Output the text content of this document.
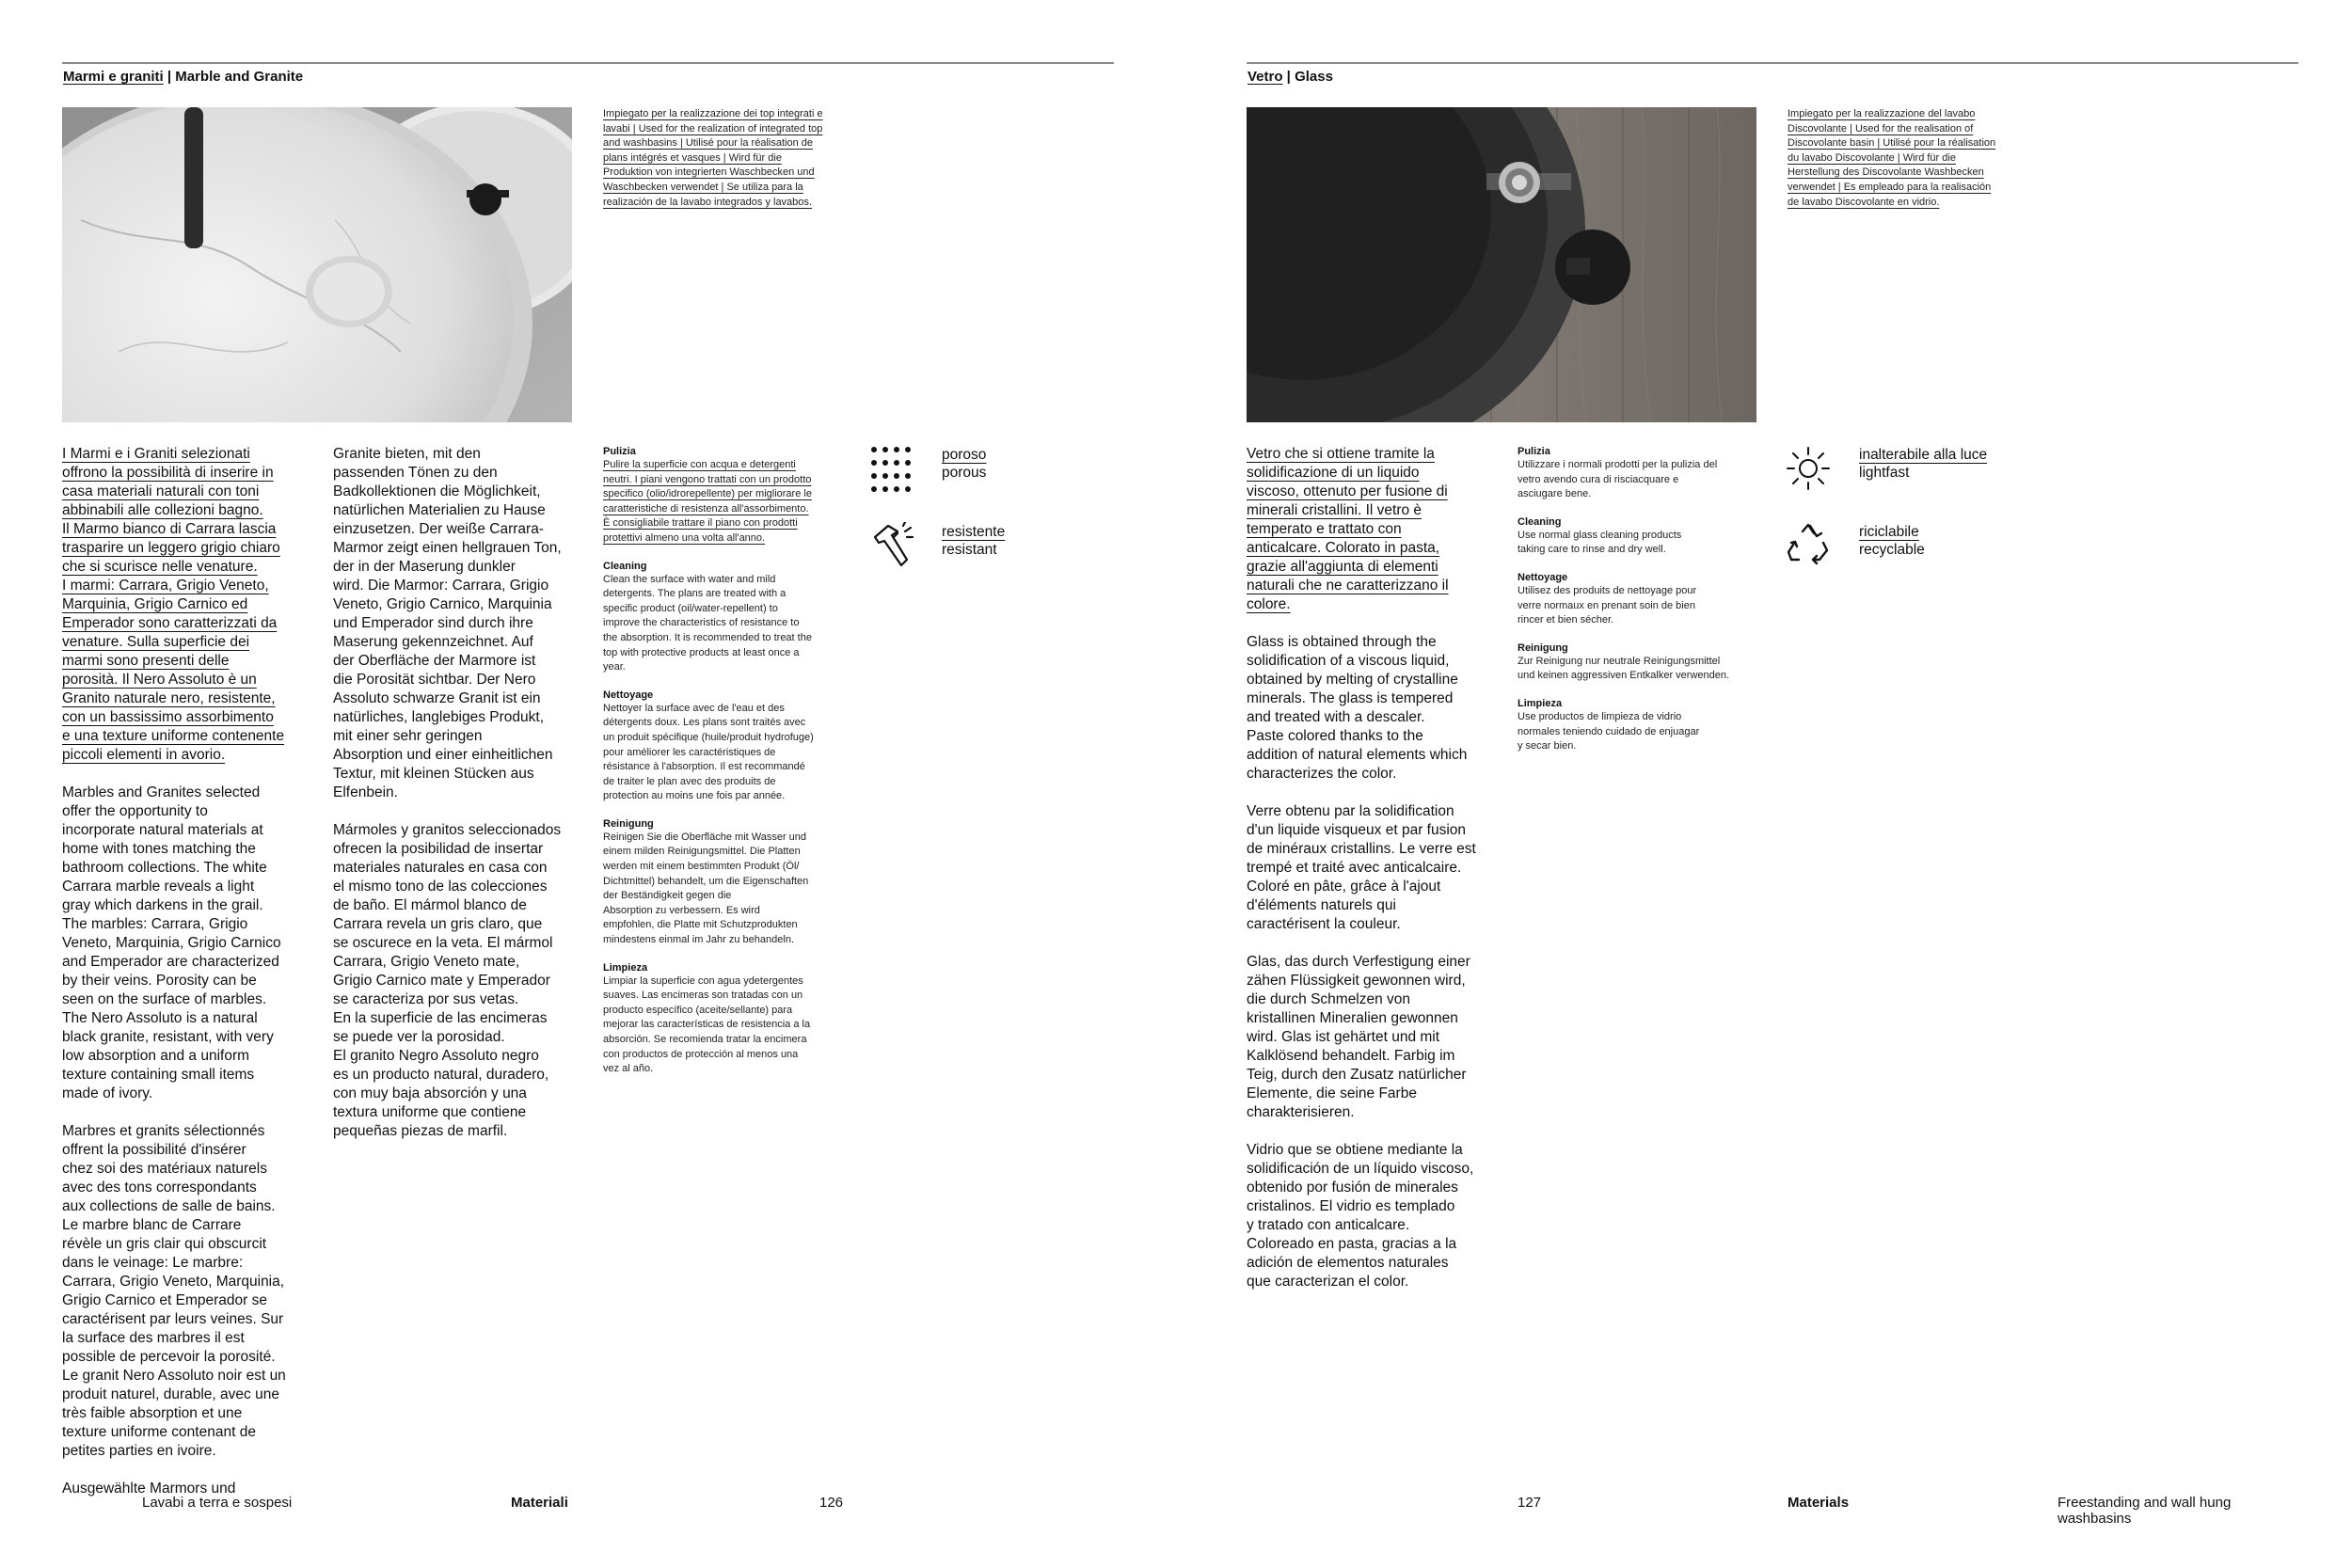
Marmi e graniti | Marble and Granite

Impiegato per la realizzazione dei top integrati e
lavabi | Used for the realization of integrated top
and washbasins | Utilisé pour la réalisation de
plans intégrés et vasques | Wird für die
Produktion von integrierten Waschbecken und
Waschbecken verwendet | Se utiliza para la
realización de la lavabo integrados y lavabos.

I Marmi e i Graniti selezionati
offrono la possibilità di inserire in
casa materiali naturali con toni
abbinabili alle collezioni bagno.
Il Marmo bianco di Carrara lascia
trasparire un leggero grigio chiaro
che si scurisce nelle venature.
I marmi: Carrara, Grigio Veneto,
Marquinia, Grigio Carnico ed
Emperador sono caratterizzati da
venature. Sulla superficie dei
marmi sono presenti delle
porosità. Il Nero Assoluto è un
Granito naturale nero, resistente,
con un bassissimo assorbimento
e una texture uniforme contenente
piccoli elementi in avorio.

Marbles and Granites selected
offer the opportunity to
incorporate natural materials at
home with tones matching the
bathroom collections. The white
Carrara marble reveals a light
gray which darkens in the grail.
The marbles: Carrara, Grigio
Veneto, Marquinia, Grigio Carnico
and Emperador are characterized
by their veins. Porosity can be
seen on the surface of marbles.
The Nero Assoluto is a natural
black granite, resistant, with very
low absorption and a uniform
texture containing small items
made of ivory.

Marbres et granits sélectionnés
offrent la possibilité d'insérer
chez soi des matériaux naturels
avec des tons correspondants
aux collections de salle de bains.
Le marbre blanc de Carrare
révèle un gris clair qui obscurcit
dans le veinage: Le marbre:
Carrara, Grigio Veneto, Marquinia,
Grigio Carnico et Emperador se
caractérisent par leurs veines. Sur
la surface des marbres il est
possible de percevoir la porosité.
Le granit Nero Assoluto noir est un
produit naturel, durable, avec une
très faible absorption et une
texture uniforme contenant de
petites parties en ivoire.

Ausgewählte Marmors und

Granite bieten, mit den
passenden Tönen zu den
Badkollektionen die Möglichkeit,
natürlichen Materialien zu Hause
einzusetzen. Der weiße Carrara-
Marmor zeigt einen hellgrauen Ton,
der in der Maserung dunkler
wird. Die Marmor: Carrara, Grigio
Veneto, Grigio Carnico, Marquinia
und Emperador sind durch ihre
Maserung gekennzeichnet. Auf
der Oberfläche der Marmore ist
die Porosität sichtbar. Der Nero
Assoluto schwarze Granit ist ein
natürliches, langlebiges Produkt,
mit einer sehr geringen
Absorption und einer einheitlichen
Textur, mit kleinen Stücken aus
Elfenbein.

Mármoles y granitos seleccionados
ofrecen la posibilidad de insertar
materiales naturales en casa con
el mismo tono de las colecciones
de baño. El mármol blanco de
Carrara revela un gris claro, que
se oscurece en la veta. El mármol
Carrara, Grigio Veneto mate,
Grigio Carnico mate y Emperador
se caracteriza por sus vetas.
En la superficie de las encimeras
se puede ver la porosidad.
El granito Negro Assoluto negro
es un producto natural, duradero,
con muy baja absorción y una
textura uniforme que contiene
pequeñas piezas de marfil.

Pulizia

Pulire la superficie con acqua e detergenti
neutri. I piani vengono trattati con un prodotto
specifico (olio/idrorepellente) per migliorare le
caratteristiche di resistenza all'assorbimento.
È consigliabile trattare il piano con prodotti
protettivi almeno una volta all'anno.

Cleaning

Clean the surface with water and mild
detergents. The plans are treated with a
specific product (oil/water-repellent) to
improve the characteristics of resistance to
the absorption. It is recommended to treat the
top with protective products at least once a
year.

Nettoyage

Nettoyer la surface avec de l'eau et des
détergents doux. Les plans sont traités avec
un produit spécifique (huile/produit hydrofuge)
pour améliorer les caractéristiques de
résistance à l'absorption. Il est recommandé
de traiter le plan avec des produits de
protection au moins une fois par année.

Reinigung

Reinigen Sie die Oberfläche mit Wasser und
einem milden Reinigungsmittel. Die Platten
werden mit einem bestimmten Produkt (Öl/
Dichtmittel) behandelt, um die Eigenschaften
der Beständigkeit gegen die
Absorption zu verbessern. Es wird
empfohlen, die Platte mit Schutzprodukten
mindestens einmal im Jahr zu behandeln.

Limpieza

Limpiar la superficie con agua ydetergentes
suaves. Las encimeras son tratadas con un
producto específico (aceite/sellante) para
mejorar las características de resistencia a la
absorción. Se recomienda tratar la encimera
con productos de protección al menos una
vez al año.

poroso
porous
resistente
resistant
Lavabi a terra e sospesi	Materiali	126
Vetro | Glass

Impiegato per la realizzazione del lavabo
Discovolante | Used for the realisation of
Discovolante basin | Utilisé pour la réalisation
du lavabo Discovolante | Wird für die
Herstellung des Discovolante Washbecken
verwendet | Es empleado para la realisación
de lavabo Discovolante en vidrio.

Vetro che si ottiene tramite la
solidificazione di un liquido
viscoso, ottenuto per fusione di
minerali cristallini. Il vetro è
temperato e trattato con
anticalcare. Colorato in pasta,
grazie all'aggiunta di elementi
naturali che ne caratterizzano il
colore.

Glass is obtained through the
solidification of a viscous liquid,
obtained by melting of crystalline
minerals. The glass is tempered
and treated with a descaler.
Paste colored thanks to the
addition of natural elements which
characterizes the color.

Verre obtenu par la solidification
d'un liquide visqueux et par fusion
de minéraux cristallins. Le verre est
trempé et traité avec anticalcaire.
Coloré en pâte, grâce à l'ajout
d'éléments naturels qui
caractérisent la couleur.

Glas, das durch Verfestigung einer
zähen Flüssigkeit gewonnen wird,
die durch Schmelzen von
kristallinen Mineralien gewonnen
wird. Glas ist gehärtet und mit
Kalklösend behandelt. Farbig im
Teig, durch den Zusatz natürlicher
Elemente, die seine Farbe
charakterisieren.

Vidrio que se obtiene mediante la
solidificación de un líquido viscoso,
obtenido por fusión de minerales
cristalinos. El vidrio es templado
y tratado con anticalcare.
Coloreado en pasta, gracias a la
adición de elementos naturales
que caracterizan el color.

Pulizia

Utilizzare i normali prodotti per la pulizia del
vetro avendo cura di risciacquare e
asciugare bene.

Cleaning

Use normal glass cleaning products
taking care to rinse and dry well.

Nettoyage

Utilisez des produits de nettoyage pour
verre normaux en prenant soin de bien
rincer et bien sécher.

Reinigung

Zur Reinigung nur neutrale Reinigungsmittel
und keinen aggressiven Entkalker verwenden.

Limpieza

Use productos de limpieza de vidrio
normales teniendo cuidado de enjuagar
y secar bien.

inalterabile alla luce
lightfast
riciclabile
recyclable
127	Materials	Freestanding and wall hung
washbasins
